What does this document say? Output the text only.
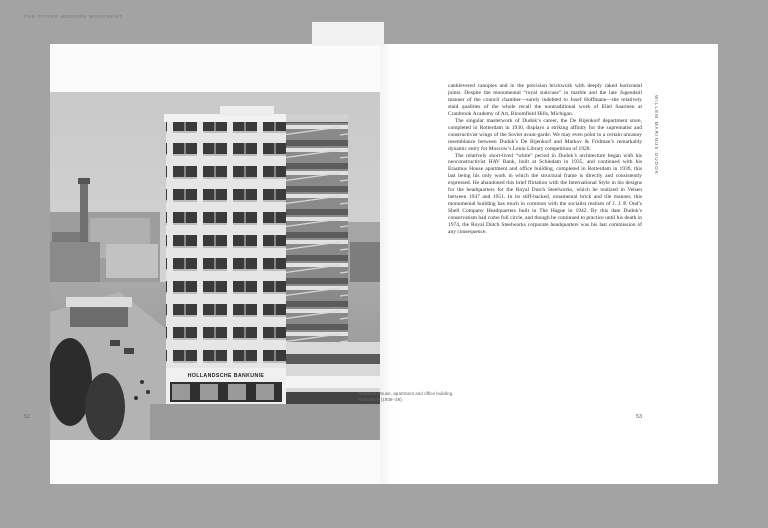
THE OTHER MODERN MOVEMENT
HOLLANDSCHE BANKUNIE
WILLEM MARINUS DUDOK

cantilevered canopies and in the precision brickwork with deeply raked horizontal joints. Despite the monumental “royal staircase” in marble and the late Jugendstil manner of the council chamber—surely indebted to Josef Hoffmann—the relatively staid qualities of the whole recall the nontraditional work of Eliel Saarinen at Cranbrook Academy of Art, Bloomfield Hills, Michigan.

The singular masterwork of Dudok’s career, the De Bijenkorf department store, completed in Rotterdam in 1930, displays a striking affinity for the suprematist and constructivist wings of the Soviet avant-garde. We may even point to a certain uncanny resemblance between Dudok’s De Bijenkorf and Markov & Fridman’s remarkably dynamic entry for Moscow’s Lenin Library competition of 1928.

The relatively short-lived “white” period in Dudok’s architecture began with his neoconstructivist HAV Bank, built at Schiedam in 1935, and continued with his Erasmus House apartment and office building, completed in Rotterdam in 1939, this last being his only work in which the structural frame is directly and consistently expressed. He abandoned this brief flirtation with the International Style in his designs for the headquarters for the Royal Dutch Steelworks, which he realized in Velsen between 1947 and 1951. In its stiff-backed, ornamental brick and tile manner, this monumental building has much in common with the socialist realism of J. J. P. Oud’s Shell Company Headquarters built in The Hague in 1942. By this date Dudok’s conservatism had come full circle, and though he continued to practice until his death in 1974, the Royal Dutch Steelworks corporate headquarters was his last commission of any consequence.

Erasmus House, apartment and office building, Rotterdam (1938–39).
52	53
